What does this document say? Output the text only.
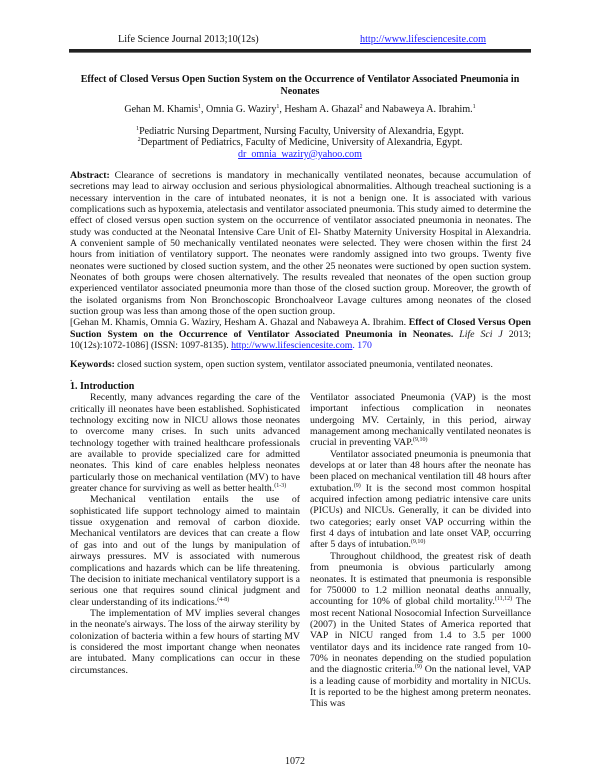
Life Science Journal 2013;10(12s)	http://www.lifesciencesite.com
Effect of Closed Versus Open Suction System on the Occurrence of Ventilator Associated Pneumonia in Neonates
Gehan M. Khamis$^1$, Omnia G. Waziry$^1$, Hesham A. Ghazal$^2$ and Nabaweya A. Ibrahim.$^1$
$^1$Pediatric Nursing Department, Nursing Faculty, University of Alexandria, Egypt.
$^2$Department of Pediatrics, Faculty of Medicine, University of Alexandria, Egypt.
dr_omnia_waziry@yahoo.com
Abstract: Clearance of secretions is mandatory in mechanically ventilated neonates, because accumulation of secretions may lead to airway occlusion and serious physiological abnormalities. Although treacheal suctioning is a necessary intervention in the care of intubated neonates, it is not a benign one. It is associated with various complications such as hypoxemia, atelectasis and ventilator associated pneumonia. This study aimed to determine the effect of closed versus open suction system on the occurrence of ventilator associated pneumonia in neonates. The study was conducted at the Neonatal Intensive Care Unit of El- Shatby Maternity University Hospital in Alexandria. A convenient sample of 50 mechanically ventilated neonates were selected. They were chosen within the first 24 hours from initiation of ventilatory support. The neonates were randomly assigned into two groups. Twenty five neonates were suctioned by closed suction system, and the other 25 neonates were suctioned by open suction system. Neonates of both groups were chosen alternatively. The results revealed that neonates of the open suction group experienced ventilator associated pneumonia more than those of the closed suction group. Moreover, the growth of the isolated organisms from Non Bronchoscopic Bronchoalveor Lavage cultures among neonates of the closed suction group was less than among those of the open suction group.
[Gehan M. Khamis, Omnia G. Waziry, Hesham A. Ghazal and Nabaweya A. Ibrahim. Effect of Closed Versus Open Suction System on the Occurrence of Ventilator Associated Pneumonia in Neonates. Life Sci J 2013; 10(12s):1072-1086] (ISSN: 1097-8135). http://www.lifesciencesite.com. 170
Keywords: closed suction system, open suction system, ventilator associated pneumonia, ventilated neonates.
.
1. Introduction

Recently, many advances regarding the care of the critically ill neonates have been established. Sophisticated technology exciting now in NICU allows those neonates to overcome many crises. In such units advanced technology together with trained healthcare professionals are available to provide specialized care for admitted neonates. This kind of care enables helpless neonates particularly those on mechanical ventilation (MV) to have greater chance for surviving as well as better health.$^{(1-3)}$

Mechanical ventilation entails the use of sophisticated life support technology aimed to maintain tissue oxygenation and removal of carbon dioxide. Mechanical ventilators are devices that can create a flow of gas into and out of the lungs by manipulation of airways pressures. MV is associated with numerous complications and hazards which can be life threatening. The decision to initiate mechanical ventilatory support is a serious one that requires sound clinical judgment and clear understanding of its indications.$^{(4-8)}$

The implementation of MV implies several changes in the neonate's airways. The loss of the airway sterility by colonization of bacteria within a few hours of starting MV is considered the most important change when neonates are intubated. Many complications can occur in these circumstances.

Ventilator associated Pneumonia (VAP) is the most important infectious complication in neonates undergoing MV. Certainly, in this period, airway management among mechanically ventilated neonates is crucial in preventing VAP.$^{(9,10)}$

Ventilator associated pneumonia is pneumonia that develops at or later than 48 hours after the neonate has been placed on mechanical ventilation till 48 hours after extubation.$^{(9)}$ It is the second most common hospital acquired infection among pediatric intensive care units (PICUs) and NICUs. Generally, it can be divided into two categories; early onset VAP occurring within the first 4 days of intubation and late onset VAP, occurring after 5 days of intubation.$^{(9,10)}$

Throughout childhood, the greatest risk of death from pneumonia is obvious particularly among neonates. It is estimated that pneumonia is responsible for 750000 to 1.2 million neonatal deaths annually, accounting for 10% of global child mortality.$^{(11,12)}$ The most recent National Nosocomial Infection Surveillance (2007) in the United States of America reported that VAP in NICU ranged from 1.4 to 3.5 per 1000 ventilator days and its incidence rate ranged from 10-70% in neonates depending on the studied population and the diagnostic criteria.$^{(9)}$ On the national level, VAP is a leading cause of morbidity and mortality in NICUs. It is reported to be the highest among preterm neonates. This was

1072
